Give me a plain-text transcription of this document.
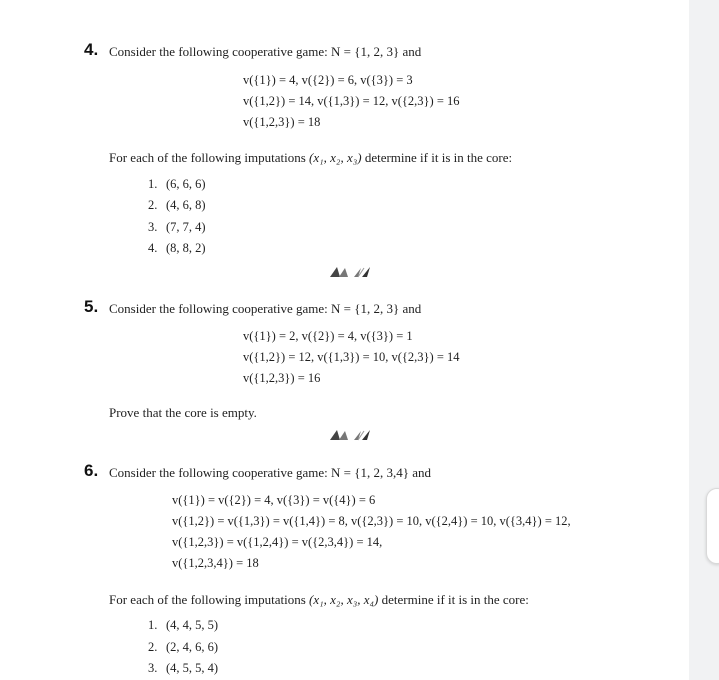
4. Consider the following cooperative game: N = {1, 2, 3} and
v({1}) = 4, v({2}) = 6, v({3}) = 3
v({1,2}) = 14, v({1,3}) = 12, v({2,3}) = 16
v({1,2,3}) = 18
For each of the following imputations (x₁, x₂, x₃) determine if it is in the core:
1. (6, 6, 6)
2. (4, 6, 8)
3. (7, 7, 4)
4. (8, 8, 2)
5. Consider the following cooperative game: N = {1, 2, 3} and
v({1}) = 2, v({2}) = 4, v({3}) = 1
v({1,2}) = 12, v({1,3}) = 10, v({2,3}) = 14
v({1,2,3}) = 16
Prove that the core is empty.
6. Consider the following cooperative game: N = {1, 2, 3,4} and
v({1}) = v({2}) = 4, v({3}) = v({4}) = 6
v({1,2}) = v({1,3}) = v({1,4}) = 8, v({2,3}) = 10, v({2,4}) = 10, v({3,4}) = 12,
v({1,2,3}) = v({1,2,4}) = v({2,3,4}) = 14,
v({1,2,3,4}) = 18
For each of the following imputations (x₁, x₂, x₃, x₄) determine if it is in the core:
1. (4, 4, 5, 5)
2. (2, 4, 6, 6)
3. (4, 5, 5, 4)
